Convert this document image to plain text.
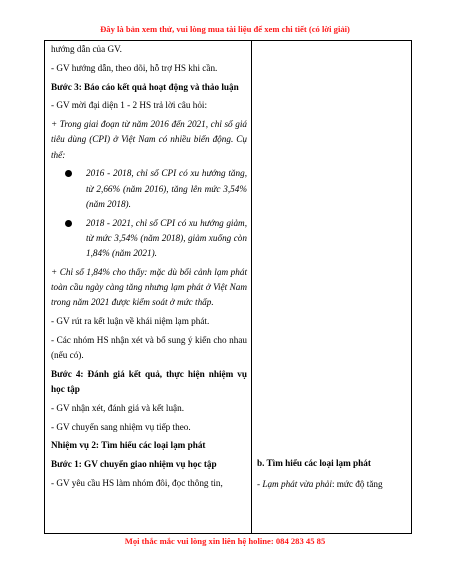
Đây là bản xem thử, vui lòng mua tài liệu để xem chi tiết (có lời giải)

hướng dẫn của GV.

- GV hướng dẫn, theo dõi, hỗ trợ HS khi cần.

Bước 3: Báo cáo kết quả hoạt động và thảo luận

- GV mời đại diện 1 - 2 HS trả lời câu hỏi:

+ Trong giai đoạn từ năm 2016 đến 2021, chỉ số giá tiêu dùng (CPI) ở Việt Nam có nhiều biến động. Cụ thể:

2016 - 2018, chỉ số CPI có xu hướng tăng, từ 2,66% (năm 2016), tăng lên mức 3,54% (năm 2018).
2018 - 2021, chỉ số CPI có xu hướng giảm, từ mức 3,54% (năm 2018), giảm xuống còn 1,84% (năm 2021).

+ Chỉ số 1,84% cho thấy: mặc dù bối cảnh lạm phát toàn cầu ngày càng tăng nhưng lạm phát ở Việt Nam trong năm 2021 được kiểm soát ở mức thấp.

- GV rút ra kết luận về khái niệm lạm phát.

- Các nhóm HS nhận xét và bổ sung ý kiến cho nhau (nếu có).

Bước 4: Đánh giá kết quả, thực hiện nhiệm vụ học tập

- GV nhận xét, đánh giá và kết luận.

- GV chuyển sang nhiệm vụ tiếp theo.

Nhiệm vụ 2: Tìm hiểu các loại lạm phát

Bước 1: GV chuyển giao nhiệm vụ học tập

- GV yêu cầu HS làm nhóm đôi, đọc thông tin,

b. Tìm hiểu các loại lạm phát

- Lạm phát vừa phải: mức độ tăng

Mọi thắc mắc vui lòng xin liên hệ holine: 084 283 45 85
